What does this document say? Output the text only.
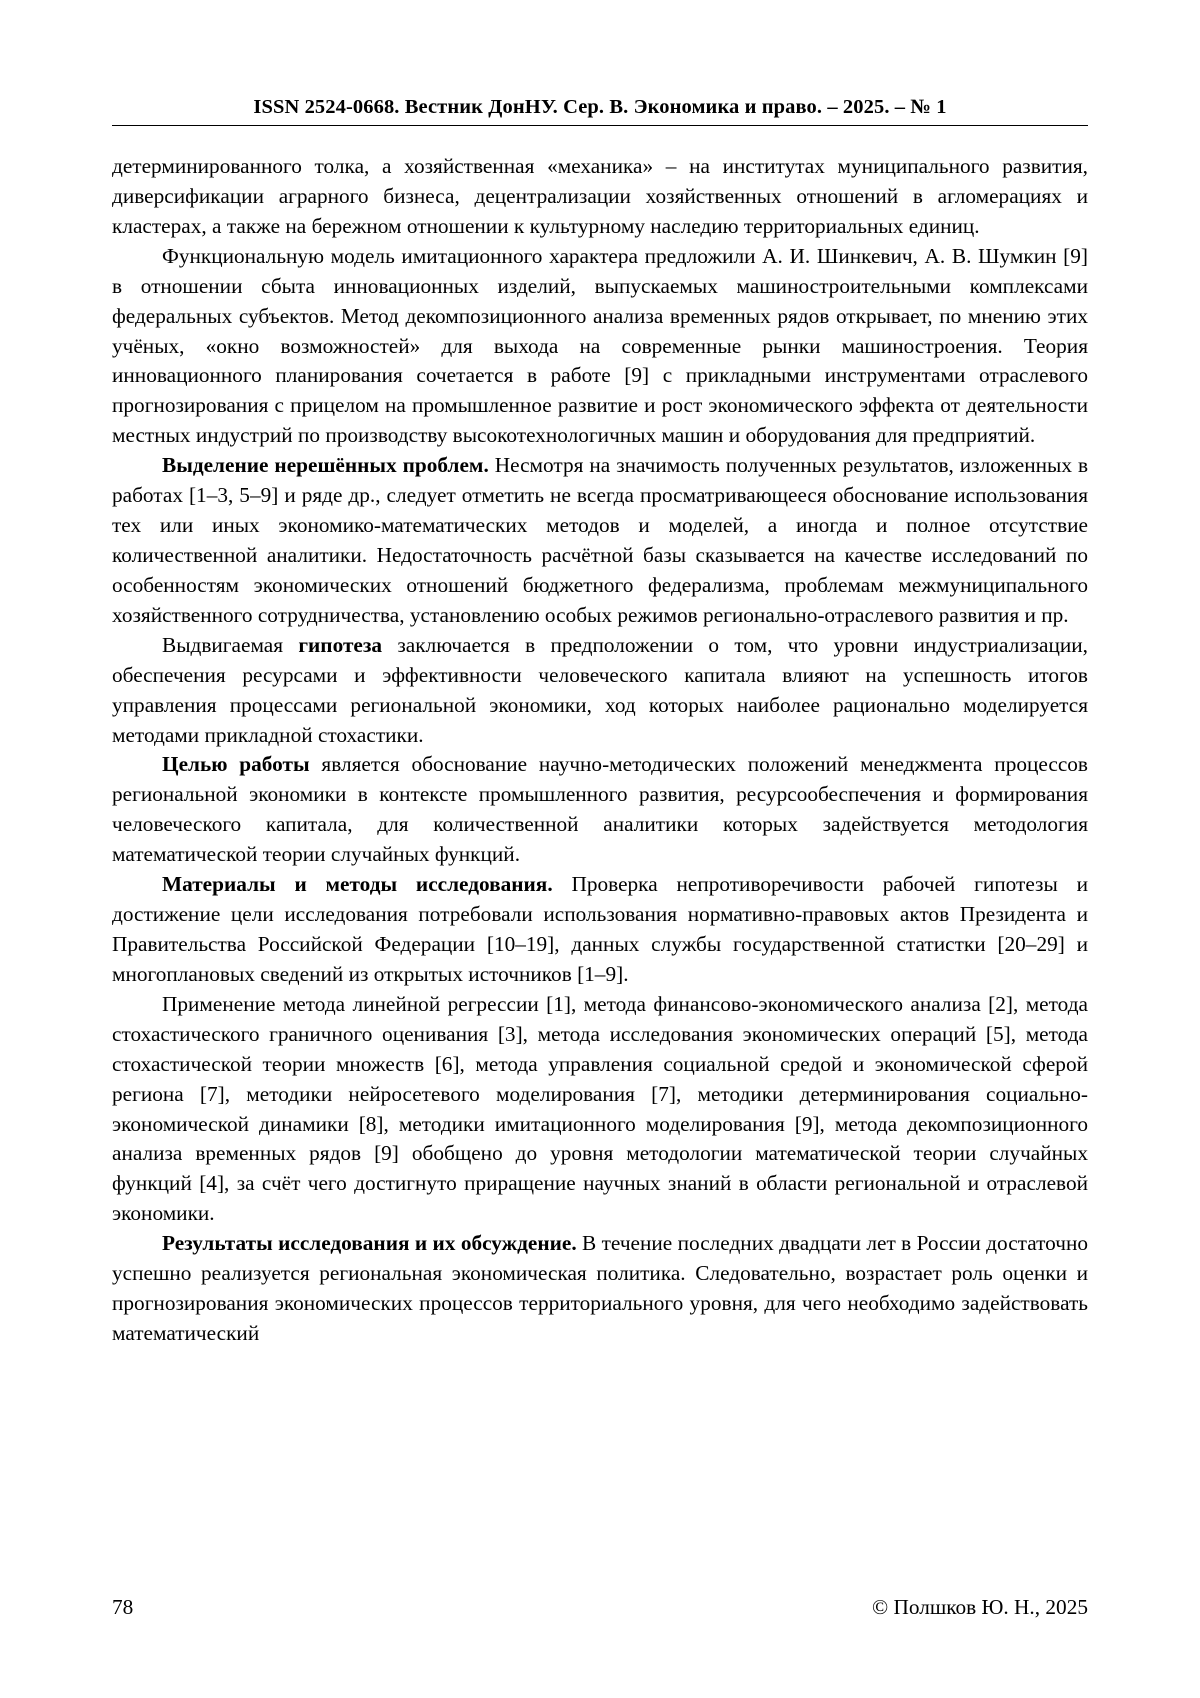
ISSN 2524-0668. Вестник ДонНУ. Сер. В. Экономика и право. – 2025. – № 1

детерминированного толка, а хозяйственная «механика» – на институтах муниципального развития, диверсификации аграрного бизнеса, децентрализации хозяйственных отношений в агломерациях и кластерах, а также на бережном отношении к культурному наследию территориальных единиц.

Функциональную модель имитационного характера предложили А. И. Шинкевич, А. В. Шумкин [9] в отношении сбыта инновационных изделий, выпускаемых машиностроительными комплексами федеральных субъектов. Метод декомпозиционного анализа временных рядов открывает, по мнению этих учёных, «окно возможностей» для выхода на современные рынки машиностроения. Теория инновационного планирования сочетается в работе [9] с прикладными инструментами отраслевого прогнозирования с прицелом на промышленное развитие и рост экономического эффекта от деятельности местных индустрий по производству высокотехнологичных машин и оборудования для предприятий.

Выделение нерешённых проблем. Несмотря на значимость полученных результатов, изложенных в работах [1–3, 5–9] и ряде др., следует отметить не всегда просматривающееся обоснование использования тех или иных экономико-математических методов и моделей, а иногда и полное отсутствие количественной аналитики. Недостаточность расчётной базы сказывается на качестве исследований по особенностям экономических отношений бюджетного федерализма, проблемам межмуниципального хозяйственного сотрудничества, установлению особых режимов регионально-отраслевого развития и пр.

Выдвигаемая гипотеза заключается в предположении о том, что уровни индустриализации, обеспечения ресурсами и эффективности человеческого капитала влияют на успешность итогов управления процессами региональной экономики, ход которых наиболее рационально моделируется методами прикладной стохастики.

Целью работы является обоснование научно-методических положений менеджмента процессов региональной экономики в контексте промышленного развития, ресурсообеспечения и формирования человеческого капитала, для количественной аналитики которых задействуется методология математической теории случайных функций.

Материалы и методы исследования. Проверка непротиворечивости рабочей гипотезы и достижение цели исследования потребовали использования нормативно-правовых актов Президента и Правительства Российской Федерации [10–19], данных службы государственной статистки [20–29] и многоплановых сведений из открытых источников [1–9].

Применение метода линейной регрессии [1], метода финансово-экономического анализа [2], метода стохастического граничного оценивания [3], метода исследования экономических операций [5], метода стохастической теории множеств [6], метода управления социальной средой и экономической сферой региона [7], методики нейросетевого моделирования [7], методики детерминирования социально-экономической динамики [8], методики имитационного моделирования [9], метода декомпозиционного анализа временных рядов [9] обобщено до уровня методологии математической теории случайных функций [4], за счёт чего достигнуто приращение научных знаний в области региональной и отраслевой экономики.

Результаты исследования и их обсуждение. В течение последних двадцати лет в России достаточно успешно реализуется региональная экономическая политика. Следовательно, возрастает роль оценки и прогнозирования экономических процессов территориального уровня, для чего необходимо задействовать математический

78	© Полшков Ю. Н., 2025
